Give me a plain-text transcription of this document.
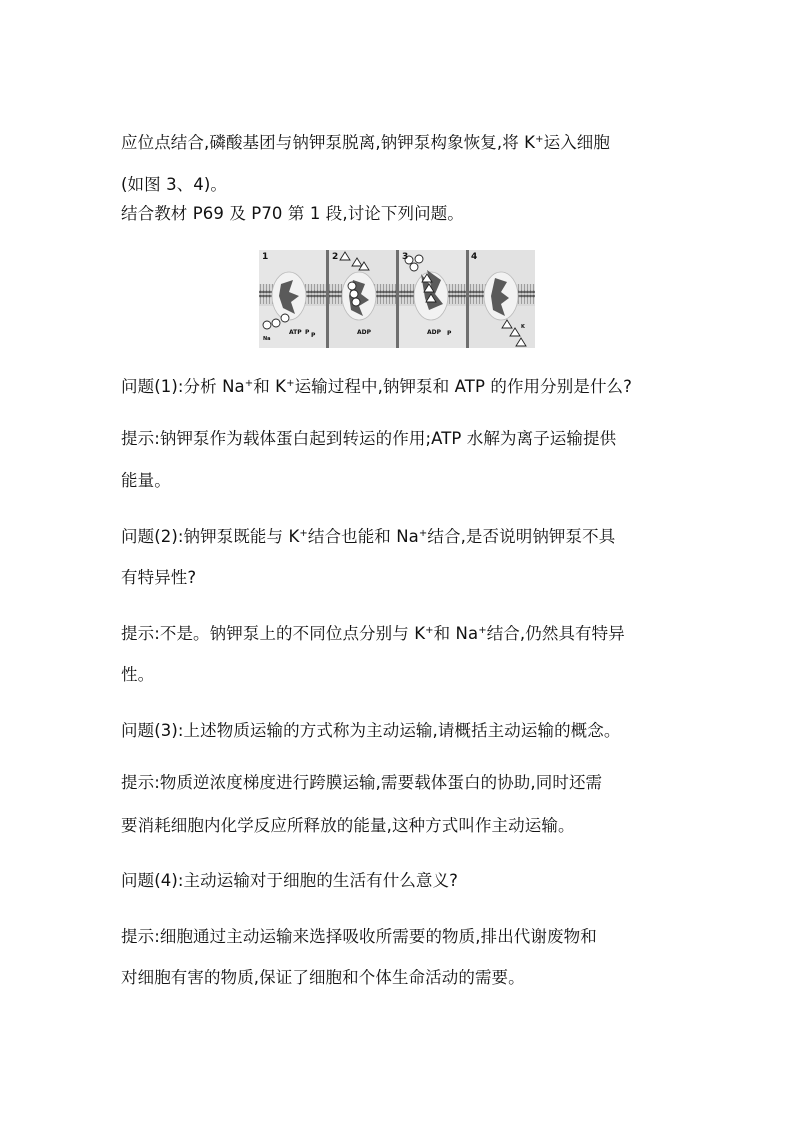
应位点结合,磷酸基团与钠钾泵脱离,钠钾泵构象恢复,将 K+运入细胞
(如图 3、4)。
结合教材 P69 及 P70 第 1 段,讨论下列问题。
1	2	3	4
ATP P P	ADP	ADP P
Na
K
问题(1):分析 Na+和 K+运输过程中,钠钾泵和 ATP 的作用分别是什么?
提示:钠钾泵作为载体蛋白起到转运的作用;ATP 水解为离子运输提供
能量。
问题(2):钠钾泵既能与 K+结合也能和 Na+结合,是否说明钠钾泵不具
有特异性?
提示:不是。钠钾泵上的不同位点分别与 K+和 Na+结合,仍然具有特异
性。
问题(3):上述物质运输的方式称为主动运输,请概括主动运输的概念。
提示:物质逆浓度梯度进行跨膜运输,需要载体蛋白的协助,同时还需
要消耗细胞内化学反应所释放的能量,这种方式叫作主动运输。
问题(4):主动运输对于细胞的生活有什么意义?
提示:细胞通过主动运输来选择吸收所需要的物质,排出代谢废物和
对细胞有害的物质,保证了细胞和个体生命活动的需要。
